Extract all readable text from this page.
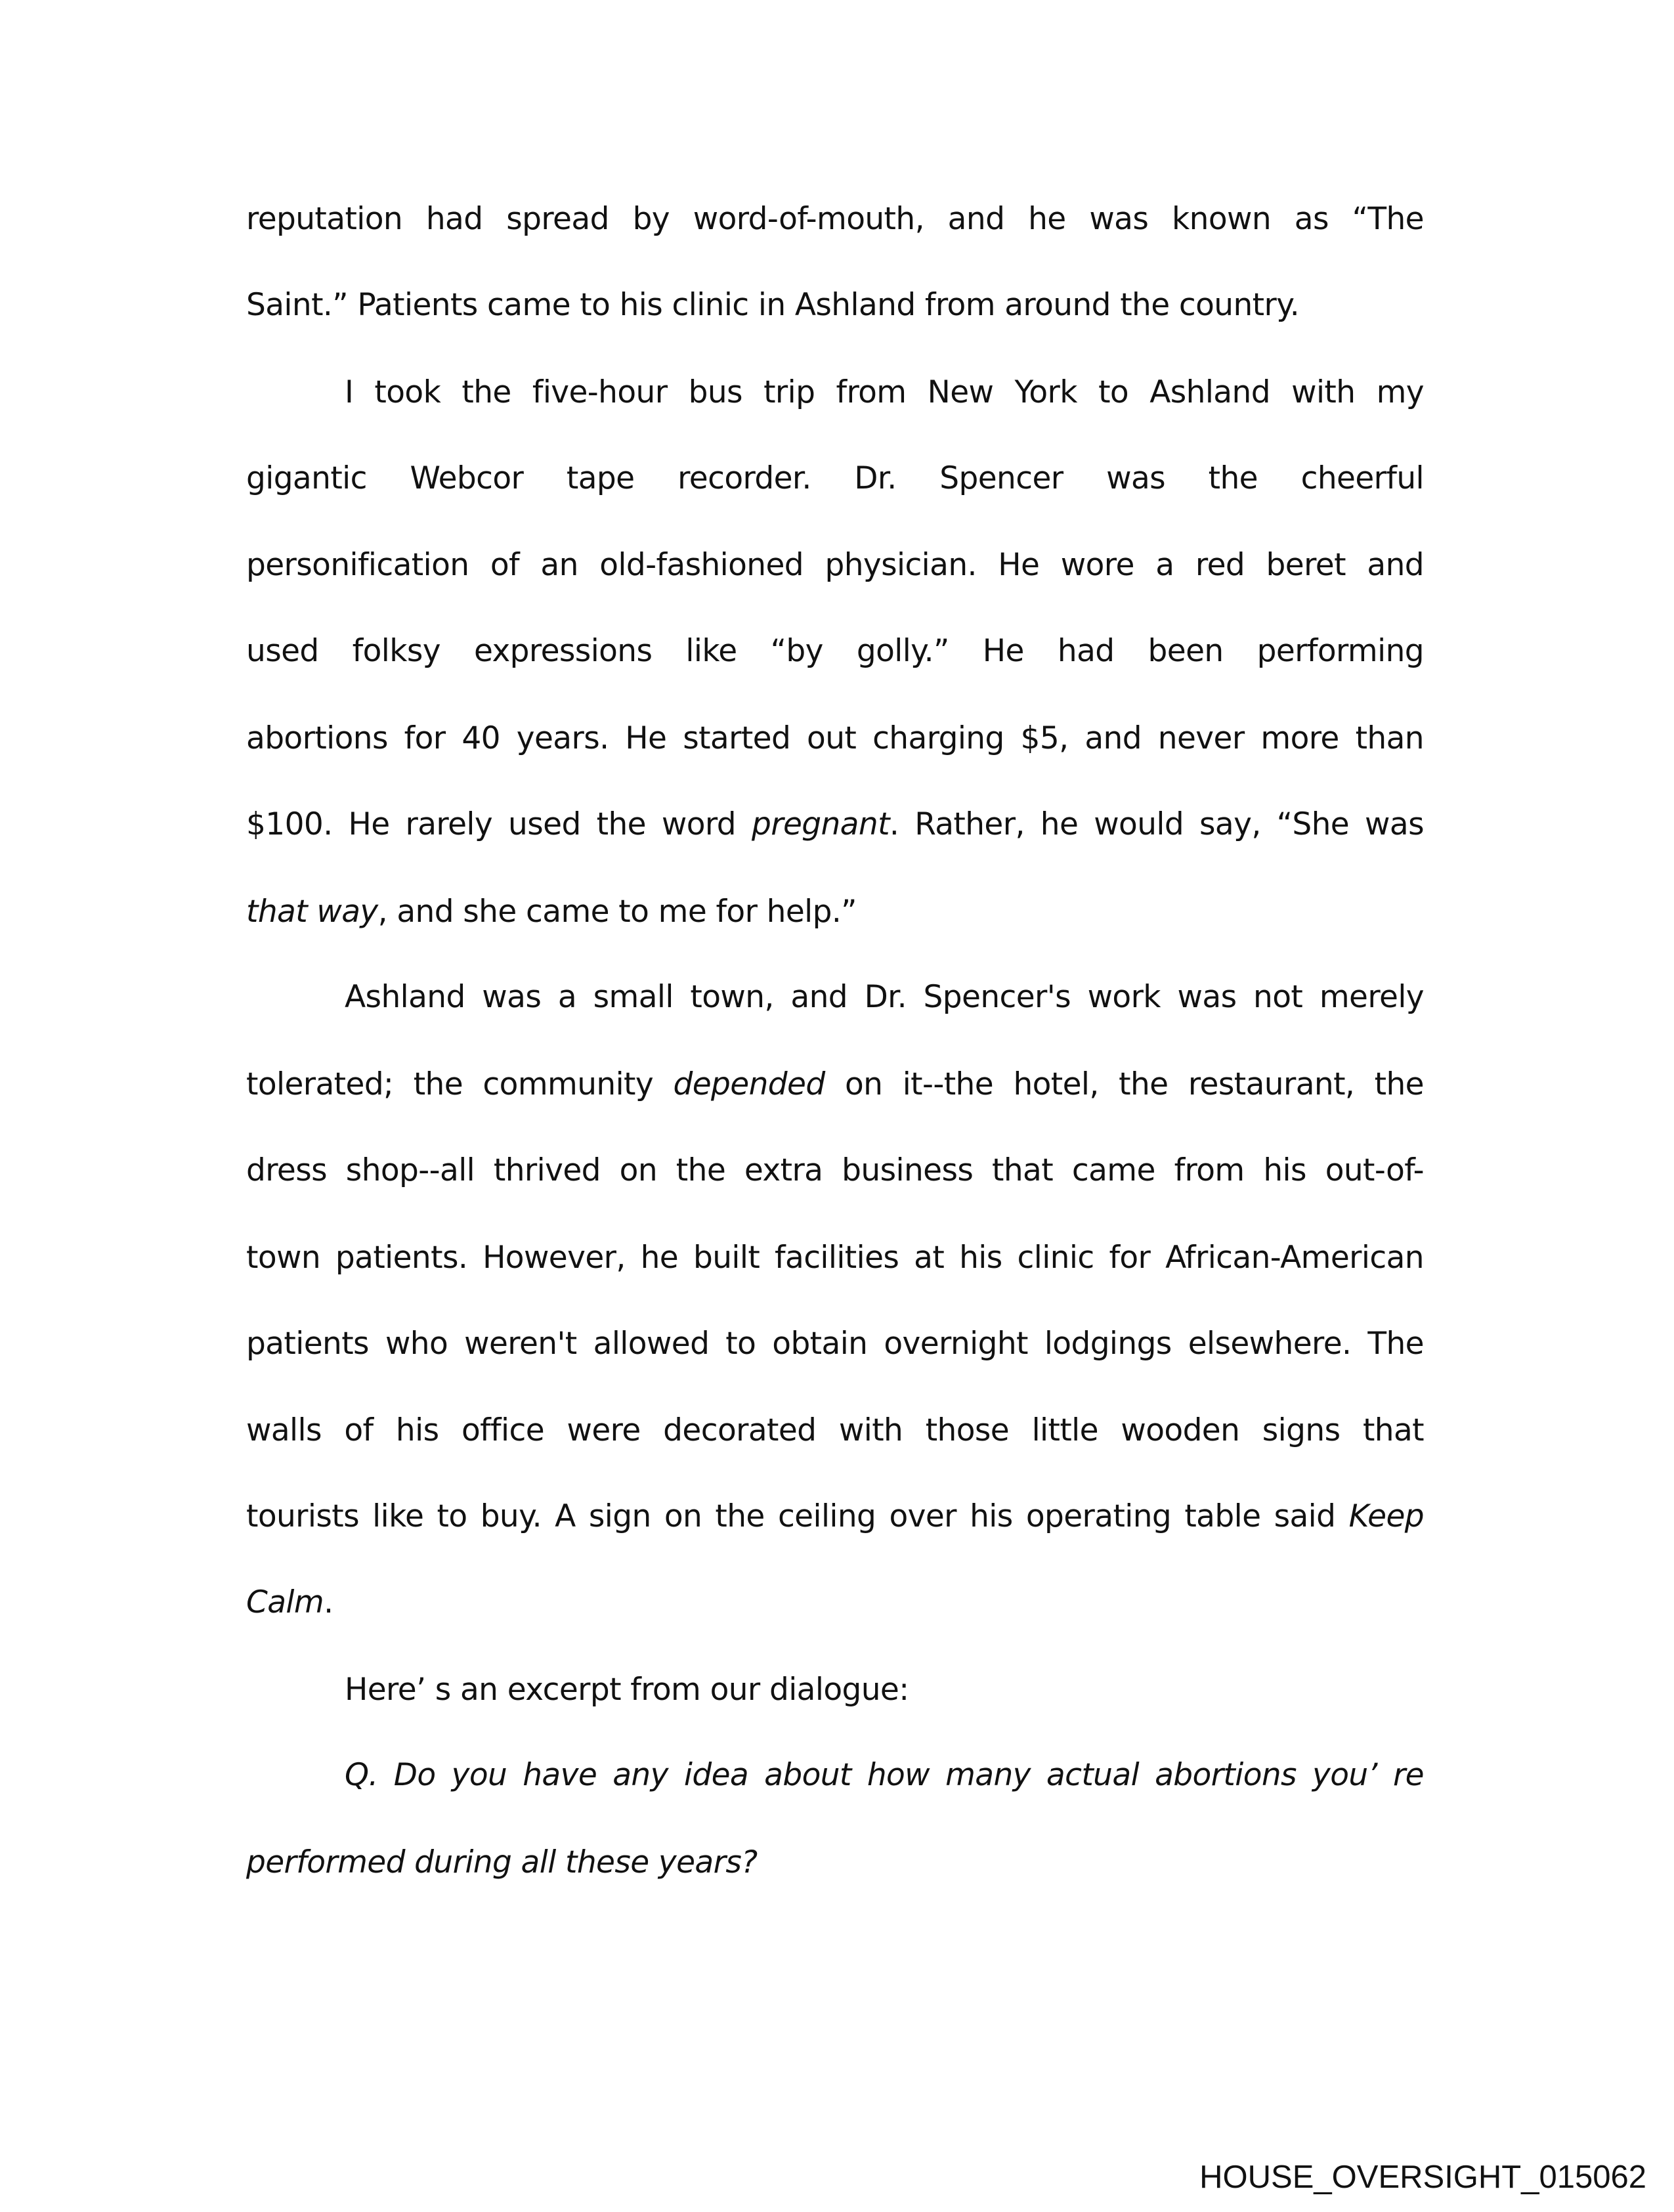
reputation had spread by word-of-mouth, and he was known as “The
Saint.” Patients came to his clinic in Ashland from around the country.
I took the five-hour bus trip from New York to Ashland with my
gigantic Webcor tape recorder. Dr. Spencer was the cheerful
personification of an old-fashioned physician. He wore a red beret and
used folksy expressions like “by golly.” He had been performing
abortions for 40 years. He started out charging $5, and never more than
$100. He rarely used the word pregnant. Rather, he would say, “She was
that way, and she came to me for help.”
Ashland was a small town, and Dr. Spencer's work was not merely
tolerated; the community depended on it--the hotel, the restaurant, the
dress shop--all thrived on the extra business that came from his out-of-
town patients. However, he built facilities at his clinic for African-American
patients who weren't allowed to obtain overnight lodgings elsewhere. The
walls of his office were decorated with those little wooden signs that
tourists like to buy. A sign on the ceiling over his operating table said Keep
Calm.
Here’ s an excerpt from our dialogue:
Q. Do you have any idea about how many actual abortions you’ re
performed during all these years?
HOUSE_OVERSIGHT_015062
